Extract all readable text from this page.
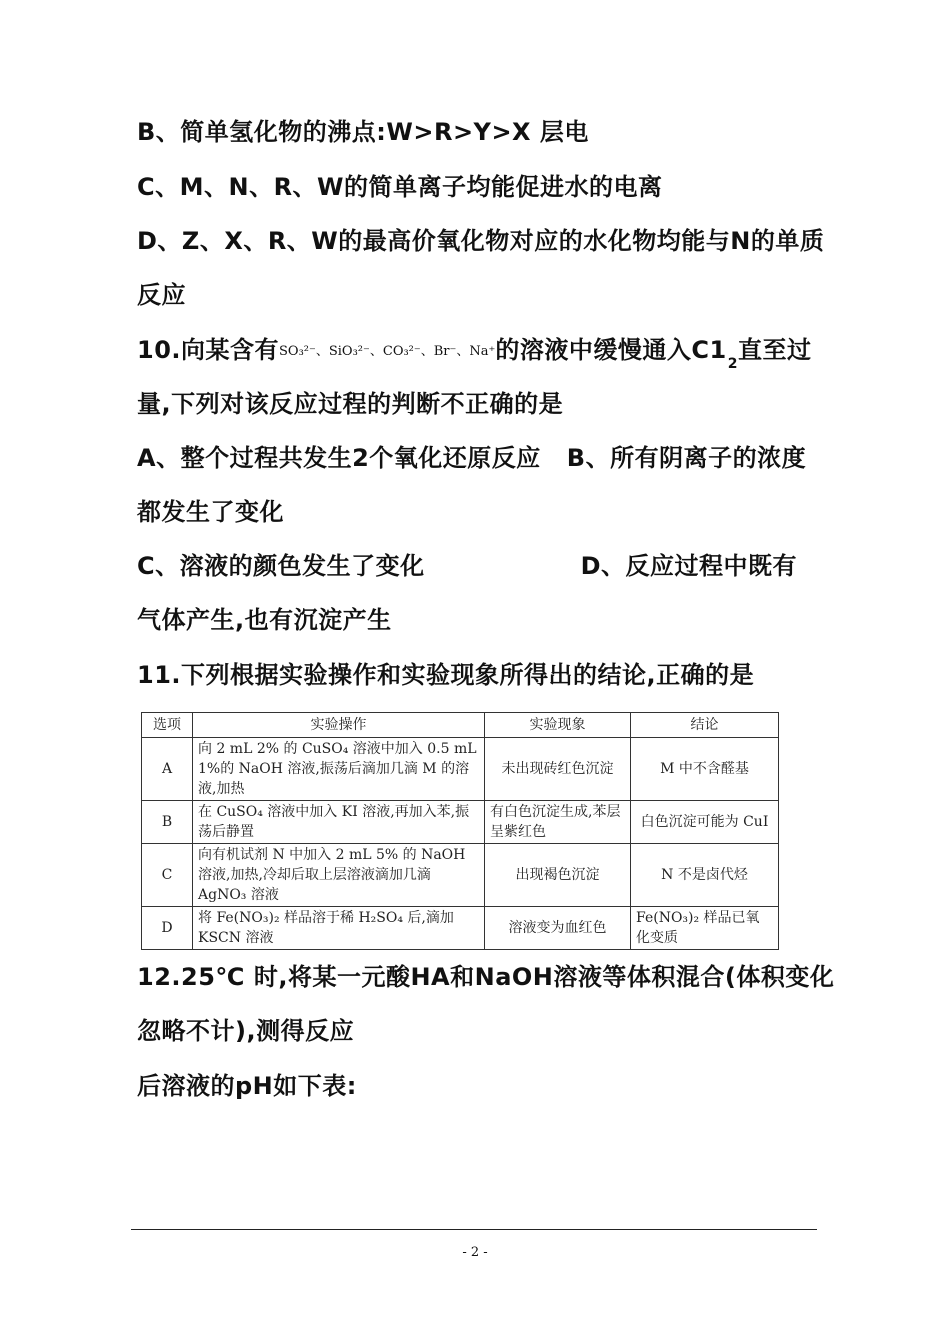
B、简单氢化物的沸点:W>R>Y>X 层电
C、M、N、R、W的简单离子均能促进水的电离
D、Z、X、R、W的最高价氧化物对应的水化物均能与N的单质
反应
10.向某含有SO₃²⁻、SiO₃²⁻、CO₃²⁻、Br⁻、Na⁺的溶液中缓慢通入$C1_2$直至过
量,下列对该反应过程的判断不正确的是
A、整个过程共发生2个氧化还原反应 B、所有阴离子的浓度
都发生了变化
C、溶液的颜色发生了变化	D、反应过程中既有
气体产生,也有沉淀产生
11.下列根据实验操作和实验现象所得出的结论,正确的是
选项	实验操作	实验现象	结论
A	向 2 mL 2% 的 CuSO₄ 溶液中加入 0.5 mL 1%的 NaOH 溶液,振荡后滴加几滴 M 的溶液,加热	未出现砖红色沉淀	M 中不含醛基
B	在 CuSO₄ 溶液中加入 KI 溶液,再加入苯,振荡后静置	有白色沉淀生成,苯层呈紫红色	白色沉淀可能为 CuI
C	向有机试剂 N 中加入 2 mL 5% 的 NaOH 溶液,加热,冷却后取上层溶液滴加几滴 AgNO₃ 溶液	出现褐色沉淀	N 不是卤代烃
D	将 Fe(NO₃)₂ 样品溶于稀 H₂SO₄ 后,滴加 KSCN 溶液	溶液变为血红色	Fe(NO₃)₂ 样品已氧化变质
12.25℃ 时,将某一元酸HA和NaOH溶液等体积混合(体积变化
忽略不计),测得反应
后溶液的pH如下表:
- 2 -
